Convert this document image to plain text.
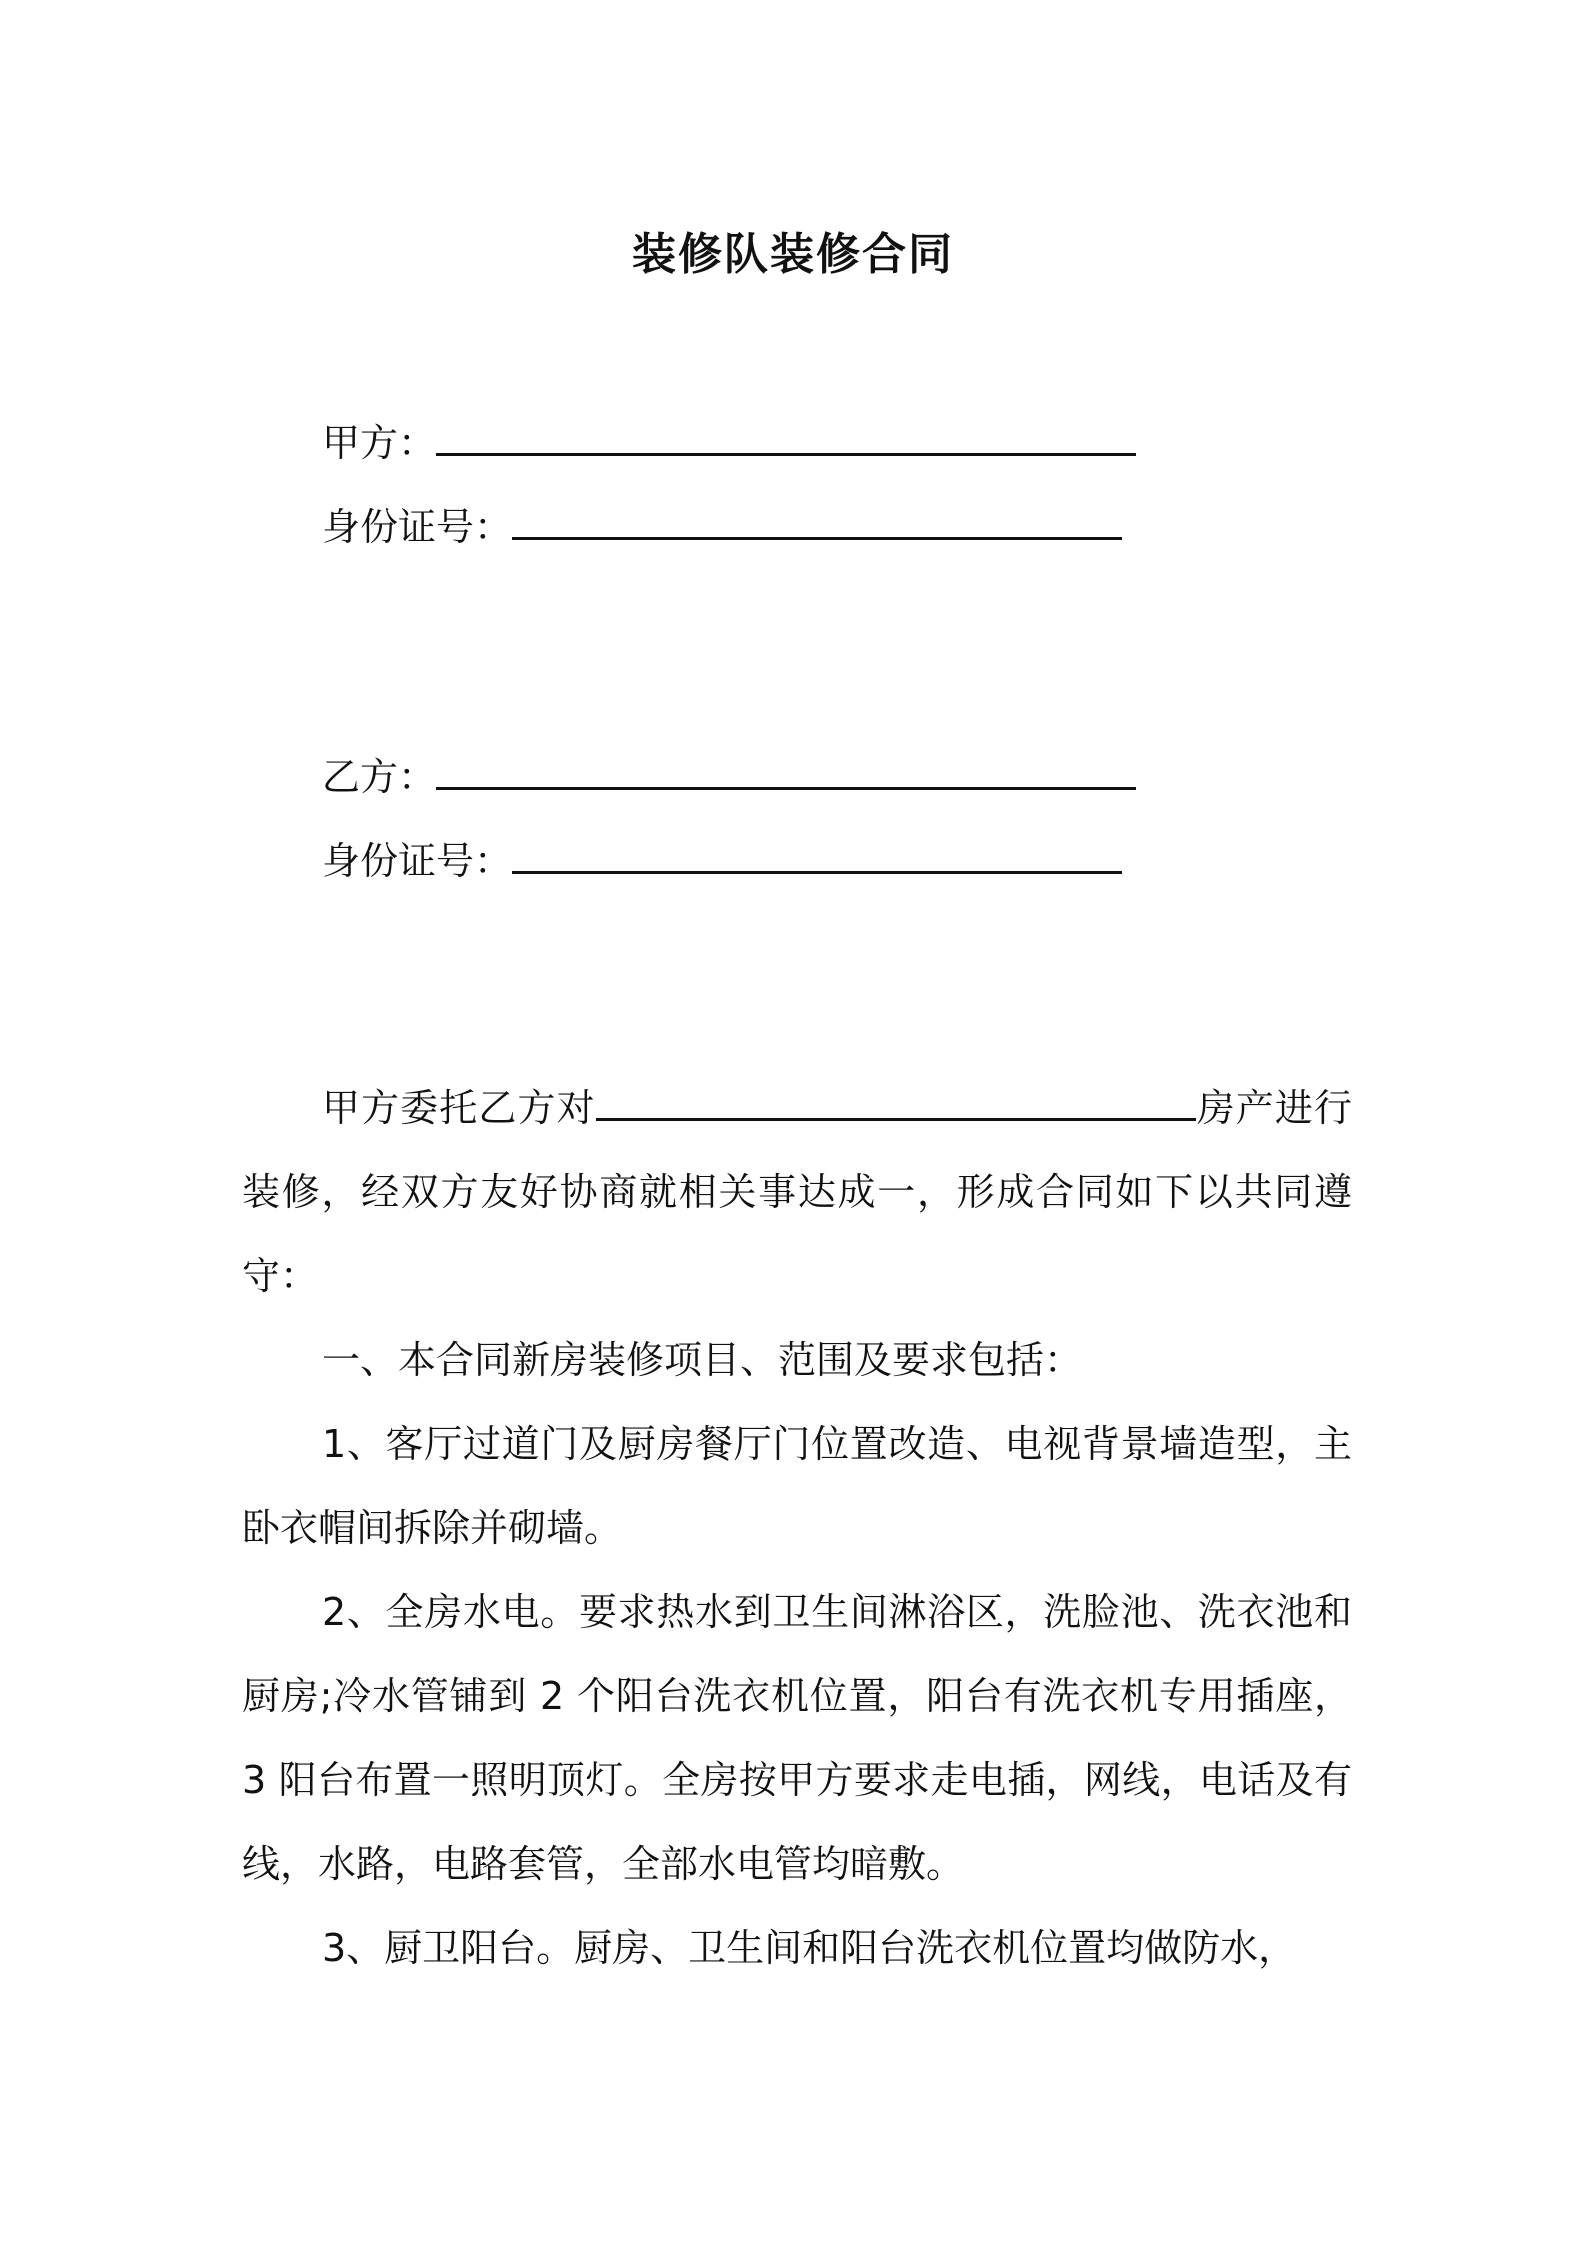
装修队装修合同
甲方：
身份证号：
乙方：
身份证号：

甲方委托乙方对	房产进行装修，经双方友好协商就相关事达成一，形成合同如下以共同遵守：

一、本合同新房装修项目、范围及要求包括：

1、客厅过道门及厨房餐厅门位置改造、电视背景墙造型，主卧衣帽间拆除并砌墙。

2、全房水电。要求热水到卫生间淋浴区，洗脸池、洗衣池和厨房;冷水管铺到 2 个阳台洗衣机位置，阳台有洗衣机专用插座，3 阳台布置一照明顶灯。全房按甲方要求走电插，网线，电话及有线，水路，电路套管，全部水电管均暗敷。

3、厨卫阳台。厨房、卫生间和阳台洗衣机位置均做防水，
